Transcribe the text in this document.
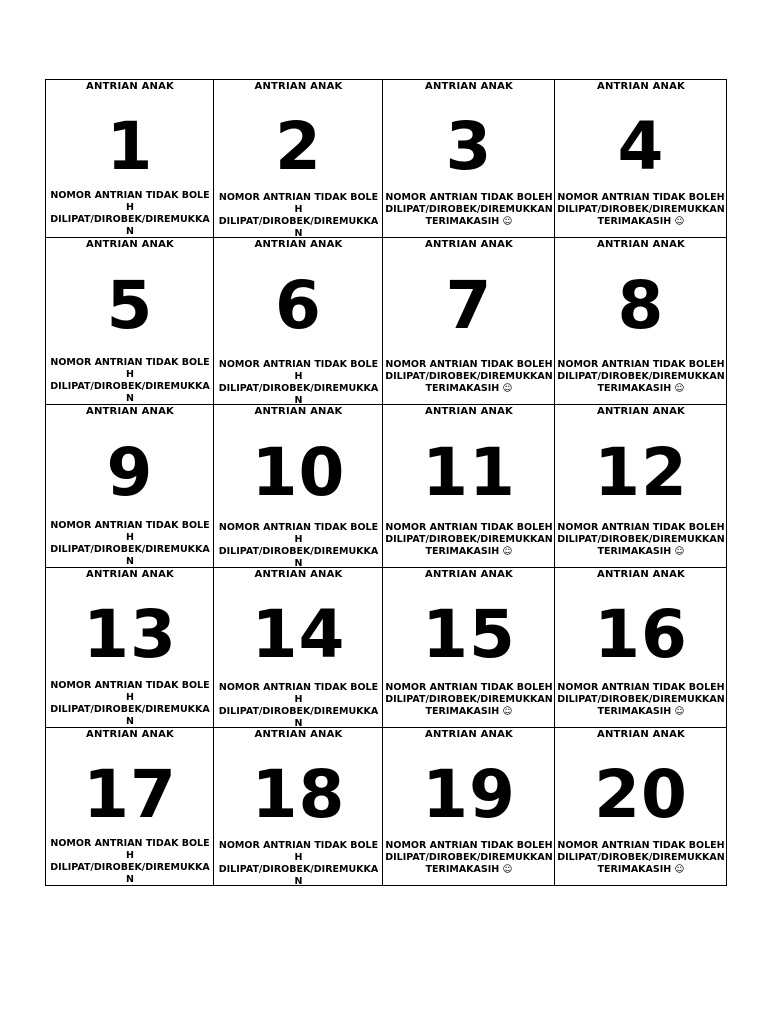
ANTRIAN ANAK
1
NOMOR ANTRIAN TIDAK BOLEH
DILIPAT/DIROBEK/DIREMUKKAN
ANTRIAN ANAK
2
NOMOR ANTRIAN TIDAK BOLEH
DILIPAT/DIROBEK/DIREMUKKAN
ANTRIAN ANAK
3
NOMOR ANTRIAN TIDAK BOLEH
DILIPAT/DIROBEK/DIREMUKKAN
TERIMAKASIH ☺
ANTRIAN ANAK
4
NOMOR ANTRIAN TIDAK BOLEH
DILIPAT/DIROBEK/DIREMUKKAN
TERIMAKASIH ☺
ANTRIAN ANAK
5
NOMOR ANTRIAN TIDAK BOLEH
DILIPAT/DIROBEK/DIREMUKKAN
ANTRIAN ANAK
6
NOMOR ANTRIAN TIDAK BOLEH
DILIPAT/DIROBEK/DIREMUKKAN
ANTRIAN ANAK
7
NOMOR ANTRIAN TIDAK BOLEH
DILIPAT/DIROBEK/DIREMUKKAN
TERIMAKASIH ☺
ANTRIAN ANAK
8
NOMOR ANTRIAN TIDAK BOLEH
DILIPAT/DIROBEK/DIREMUKKAN
TERIMAKASIH ☺
ANTRIAN ANAK
9
NOMOR ANTRIAN TIDAK BOLEH
DILIPAT/DIROBEK/DIREMUKKAN
ANTRIAN ANAK
10
NOMOR ANTRIAN TIDAK BOLEH
DILIPAT/DIROBEK/DIREMUKKAN
ANTRIAN ANAK
11
NOMOR ANTRIAN TIDAK BOLEH
DILIPAT/DIROBEK/DIREMUKKAN
TERIMAKASIH ☺
ANTRIAN ANAK
12
NOMOR ANTRIAN TIDAK BOLEH
DILIPAT/DIROBEK/DIREMUKKAN
TERIMAKASIH ☺
ANTRIAN ANAK
13
NOMOR ANTRIAN TIDAK BOLEH
DILIPAT/DIROBEK/DIREMUKKAN
ANTRIAN ANAK
14
NOMOR ANTRIAN TIDAK BOLEH
DILIPAT/DIROBEK/DIREMUKKAN
ANTRIAN ANAK
15
NOMOR ANTRIAN TIDAK BOLEH
DILIPAT/DIROBEK/DIREMUKKAN
TERIMAKASIH ☺
ANTRIAN ANAK
16
NOMOR ANTRIAN TIDAK BOLEH
DILIPAT/DIROBEK/DIREMUKKAN
TERIMAKASIH ☺
ANTRIAN ANAK
17
NOMOR ANTRIAN TIDAK BOLEH
DILIPAT/DIROBEK/DIREMUKKAN
ANTRIAN ANAK
18
NOMOR ANTRIAN TIDAK BOLEH
DILIPAT/DIROBEK/DIREMUKKAN
ANTRIAN ANAK
19
NOMOR ANTRIAN TIDAK BOLEH
DILIPAT/DIROBEK/DIREMUKKAN
TERIMAKASIH ☺
ANTRIAN ANAK
20
NOMOR ANTRIAN TIDAK BOLEH
DILIPAT/DIROBEK/DIREMUKKAN
TERIMAKASIH ☺
